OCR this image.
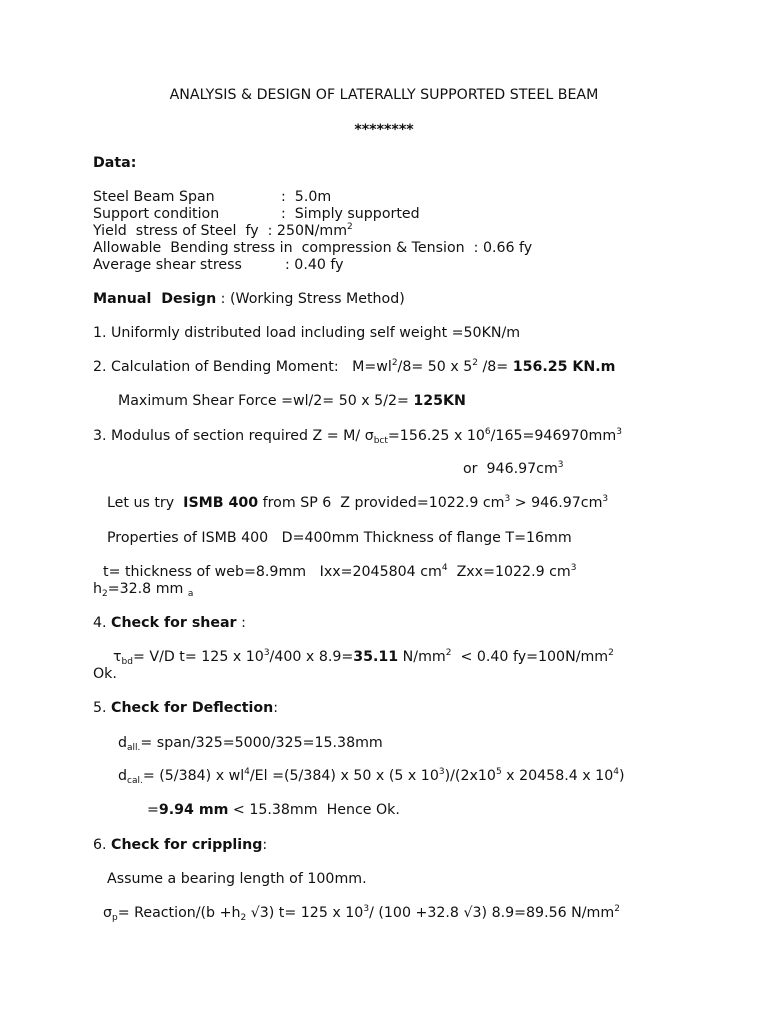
ANALYSIS & DESIGN OF LATERALLY SUPPORTED STEEL BEAM
********
Data:
Steel Beam Span	:  5.0m
Support condition	:  Simply supported
Yield  stress of Steel  fy  : $250N/mm^2$
Allowable  Bending stress in  compression & Tension  : 0.66 fy
Average shear stress	: 0.40 fy
Manual  Design : (Working Stress Method)
1. Uniformly distributed load including self weight =50KN/m
2. Calculation of Bending Moment:   $M=wl^2/8= 50$ x $5^2$ /8= 156.25 KN.m
Maximum Shear Force =wl/2= 50 x 5/2= 125KN
3. Modulus of section required Z = M/ $\sigma_{bct}=156.25$ x $10^6/165=946970mm^3$
or  $946.97cm^3$
Let us try  ISMB 400 from SP 6  Z provided=1022.9 $cm^3 > 946.97cm^3$
Properties of ISMB 400   D=400mm Thickness of flange T=16mm
t= thickness of web=8.9mm   Ixx=2045804 $cm^4$  Zxx=1022.9 $cm^3$
$h_2=32.8$ mm $_a$
4. Check for shear :
$\tau_{bd}= V/D$ t= 125 x $10^3/400$ x 8.9=35.11 $N/mm^2 < 0.40$ $fy=100N/mm^2$
Ok.
5. Check for Deflection:
$d_{all.}=$ span/325=5000/325=15.38mm
$d_{cal.}= (5/384)$ x $wl^4/El =(5/384)$ x 50 x (5 x $10^3)/(2x10^5$ x 20458.4 x $10^4$)
=9.94 mm < 15.38mm  Hence Ok.
6. Check for crippling:
Assume a bearing length of 100mm.
$\sigma_p=$ Reaction/(b $+h_2$ √3) t= 125 x $10^3/$ (100 +32.8 √3) 8.9=89.56 $N/mm^2$
